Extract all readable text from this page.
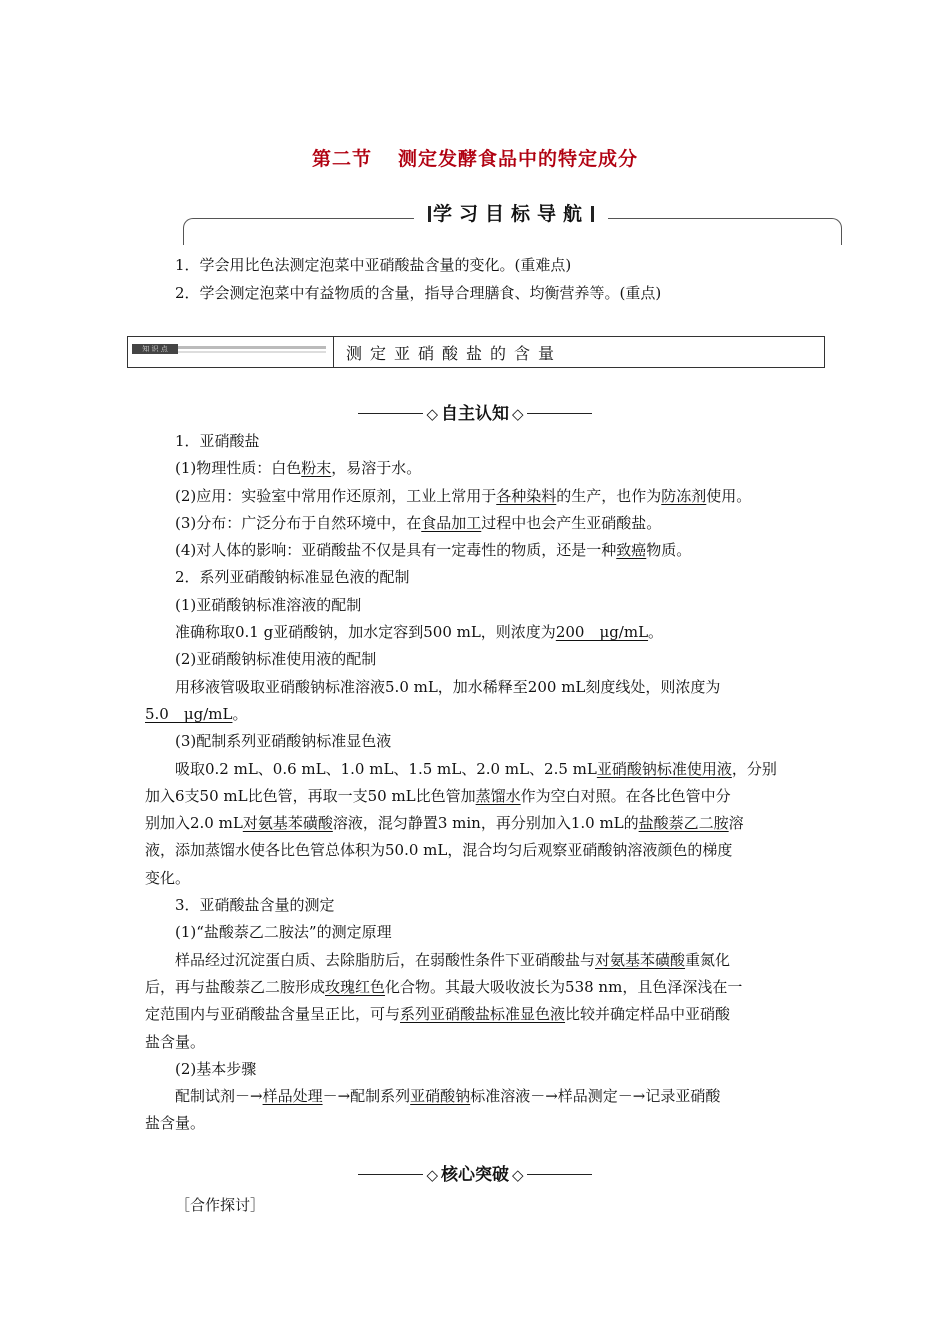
第二节 测定发酵食品中的特定成分
学习目标导航
1．学会用比色法测定泡菜中亚硝酸盐含量的变化。(重难点)
2．学会测定泡菜中有益物质的含量，指导合理膳食、均衡营养等。(重点)
知 识 点	测定亚硝酸盐的含量
◇ 自主认知 ◇
1．亚硝酸盐
(1)物理性质：白色粉末，易溶于水。
(2)应用：实验室中常用作还原剂，工业上常用于各种染料的生产，也作为防冻剂使用。
(3)分布：广泛分布于自然环境中，在食品加工过程中也会产生亚硝酸盐。
(4)对人体的影响：亚硝酸盐不仅是具有一定毒性的物质，还是一种致癌物质。
2．系列亚硝酸钠标准显色液的配制
(1)亚硝酸钠标准溶液的配制
准确称取0.1 g亚硝酸钠，加水定容到500 mL，则浓度为200　μg/mL。
(2)亚硝酸钠标准使用液的配制
用移液管吸取亚硝酸钠标准溶液5.0 mL，加水稀释至200 mL刻度线处，则浓度为
5.0　μg/mL。
(3)配制系列亚硝酸钠标准显色液
吸取0.2 mL、0.6 mL、1.0 mL、1.5 mL、2.0 mL、2.5 mL亚硝酸钠标准使用液，分别
加入6支50 mL比色管，再取一支50 mL比色管加蒸馏水作为空白对照。在各比色管中分
别加入2.0 mL对氨基苯磺酸溶液，混匀静置3 min，再分别加入1.0 mL的盐酸萘乙二胺溶
液，添加蒸馏水使各比色管总体积为50.0 mL，混合均匀后观察亚硝酸钠溶液颜色的梯度
变化。
3．亚硝酸盐含量的测定
(1)“盐酸萘乙二胺法”的测定原理
样品经过沉淀蛋白质、去除脂肪后，在弱酸性条件下亚硝酸盐与对氨基苯磺酸重氮化
后，再与盐酸萘乙二胺形成玫瑰红色化合物。其最大吸收波长为538 nm，且色泽深浅在一
定范围内与亚硝酸盐含量呈正比，可与系列亚硝酸盐标准显色液比较并确定样品中亚硝酸
盐含量。
(2)基本步骤
配制试剂－→样品处理－→配制系列亚硝酸钠标准溶液－→样品测定－→记录亚硝酸
盐含量。
◇ 核心突破 ◇
［合作探讨］
